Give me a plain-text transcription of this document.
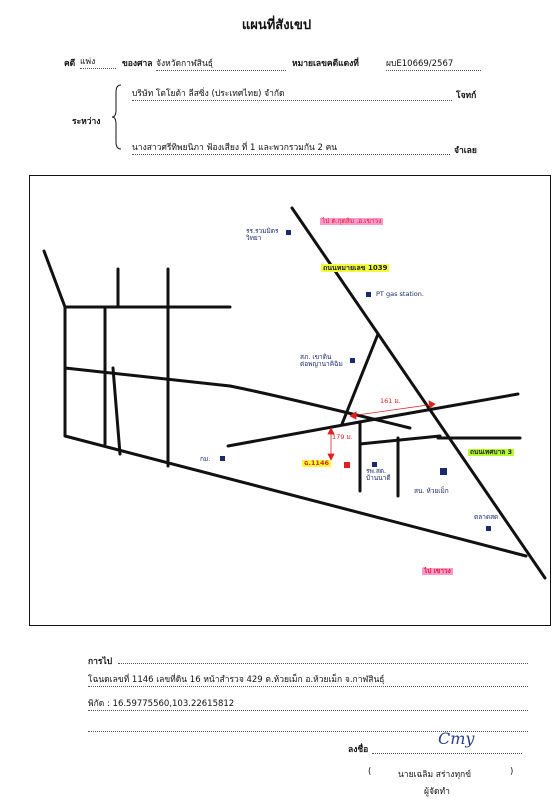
แผนที่สังเขป
คดี แพ่ง	ของศาล จังหวัดกาฬสินธุ์	หมายเลขคดีแดงที่	ผบE10669/2567
บริษัท โตโยต้า ลีสซิ่ง (ประเทศไทย) จำกัด	โจทก์
ระหว่าง
นางสาวศรีทิพยนิภา ฟ้องเสียง ที่ 1 และพวกรวมกัน 2 คน	จำเลย
รร.รวมมิตร
วิทยา
ไป ต.กุดสิม ,อ.เขาวง
ถนนหมายเลข 1039
PT gas station.
สภ. เขาดิน
ต่อพญานาคิฉิม
161 ม.
179 ม.
ฉ.1146
รพ.สต.
บ้านนาดี
กม.
ถนนเทศบาล 3
สน. ห้วยเม็ก
ตลาดสด
ไป เขาวง
การไป
โฉนดเลขที่ 1146 เลขที่ดิน 16 หน้าสำรวจ 429 ต.ห้วยเม็ก อ.ห้วยเม็ก จ.กาฬสินธุ์
พิกัด : 16.59775560,103.22615812
ลงชื่อ
Cmy
(	นายเฉลิม สร่างทุกข์	)
ผู้จัดทำ
